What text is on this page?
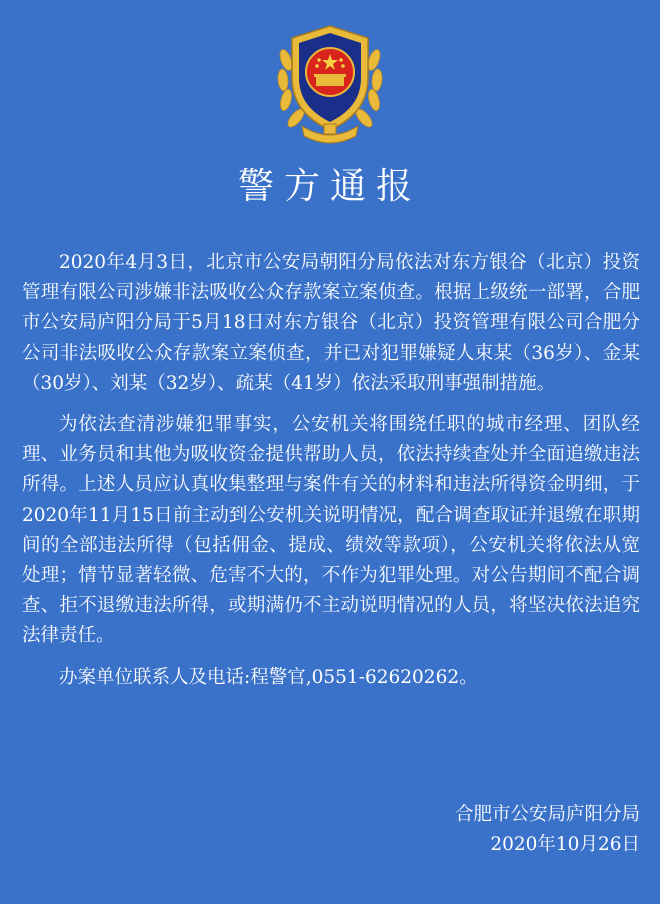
警方通报

2020年4月3日，北京市公安局朝阳分局依法对东方银谷（北京）投资管理有限公司涉嫌非法吸收公众存款案立案侦查。根据上级统一部署，合肥市公安局庐阳分局于5月18日对东方银谷（北京）投资管理有限公司合肥分公司非法吸收公众存款案立案侦查，并已对犯罪嫌疑人束某（36岁）、金某（30岁）、刘某（32岁）、疏某（41岁）依法采取刑事强制措施。

为依法查清涉嫌犯罪事实，公安机关将围绕任职的城市经理、团队经理、业务员和其他为吸收资金提供帮助人员，依法持续查处并全面追缴违法所得。上述人员应认真收集整理与案件有关的材料和违法所得资金明细，于2020年11月15日前主动到公安机关说明情况，配合调查取证并退缴在职期间的全部违法所得（包括佣金、提成、绩效等款项），公安机关将依法从宽处理；情节显著轻微、危害不大的，不作为犯罪处理。对公告期间不配合调查、拒不退缴违法所得，或期满仍不主动说明情况的人员，将坚决依法追究法律责任。

办案单位联系人及电话:程警官,0551-62620262。

合肥市公安局庐阳分局
2020年10月26日
